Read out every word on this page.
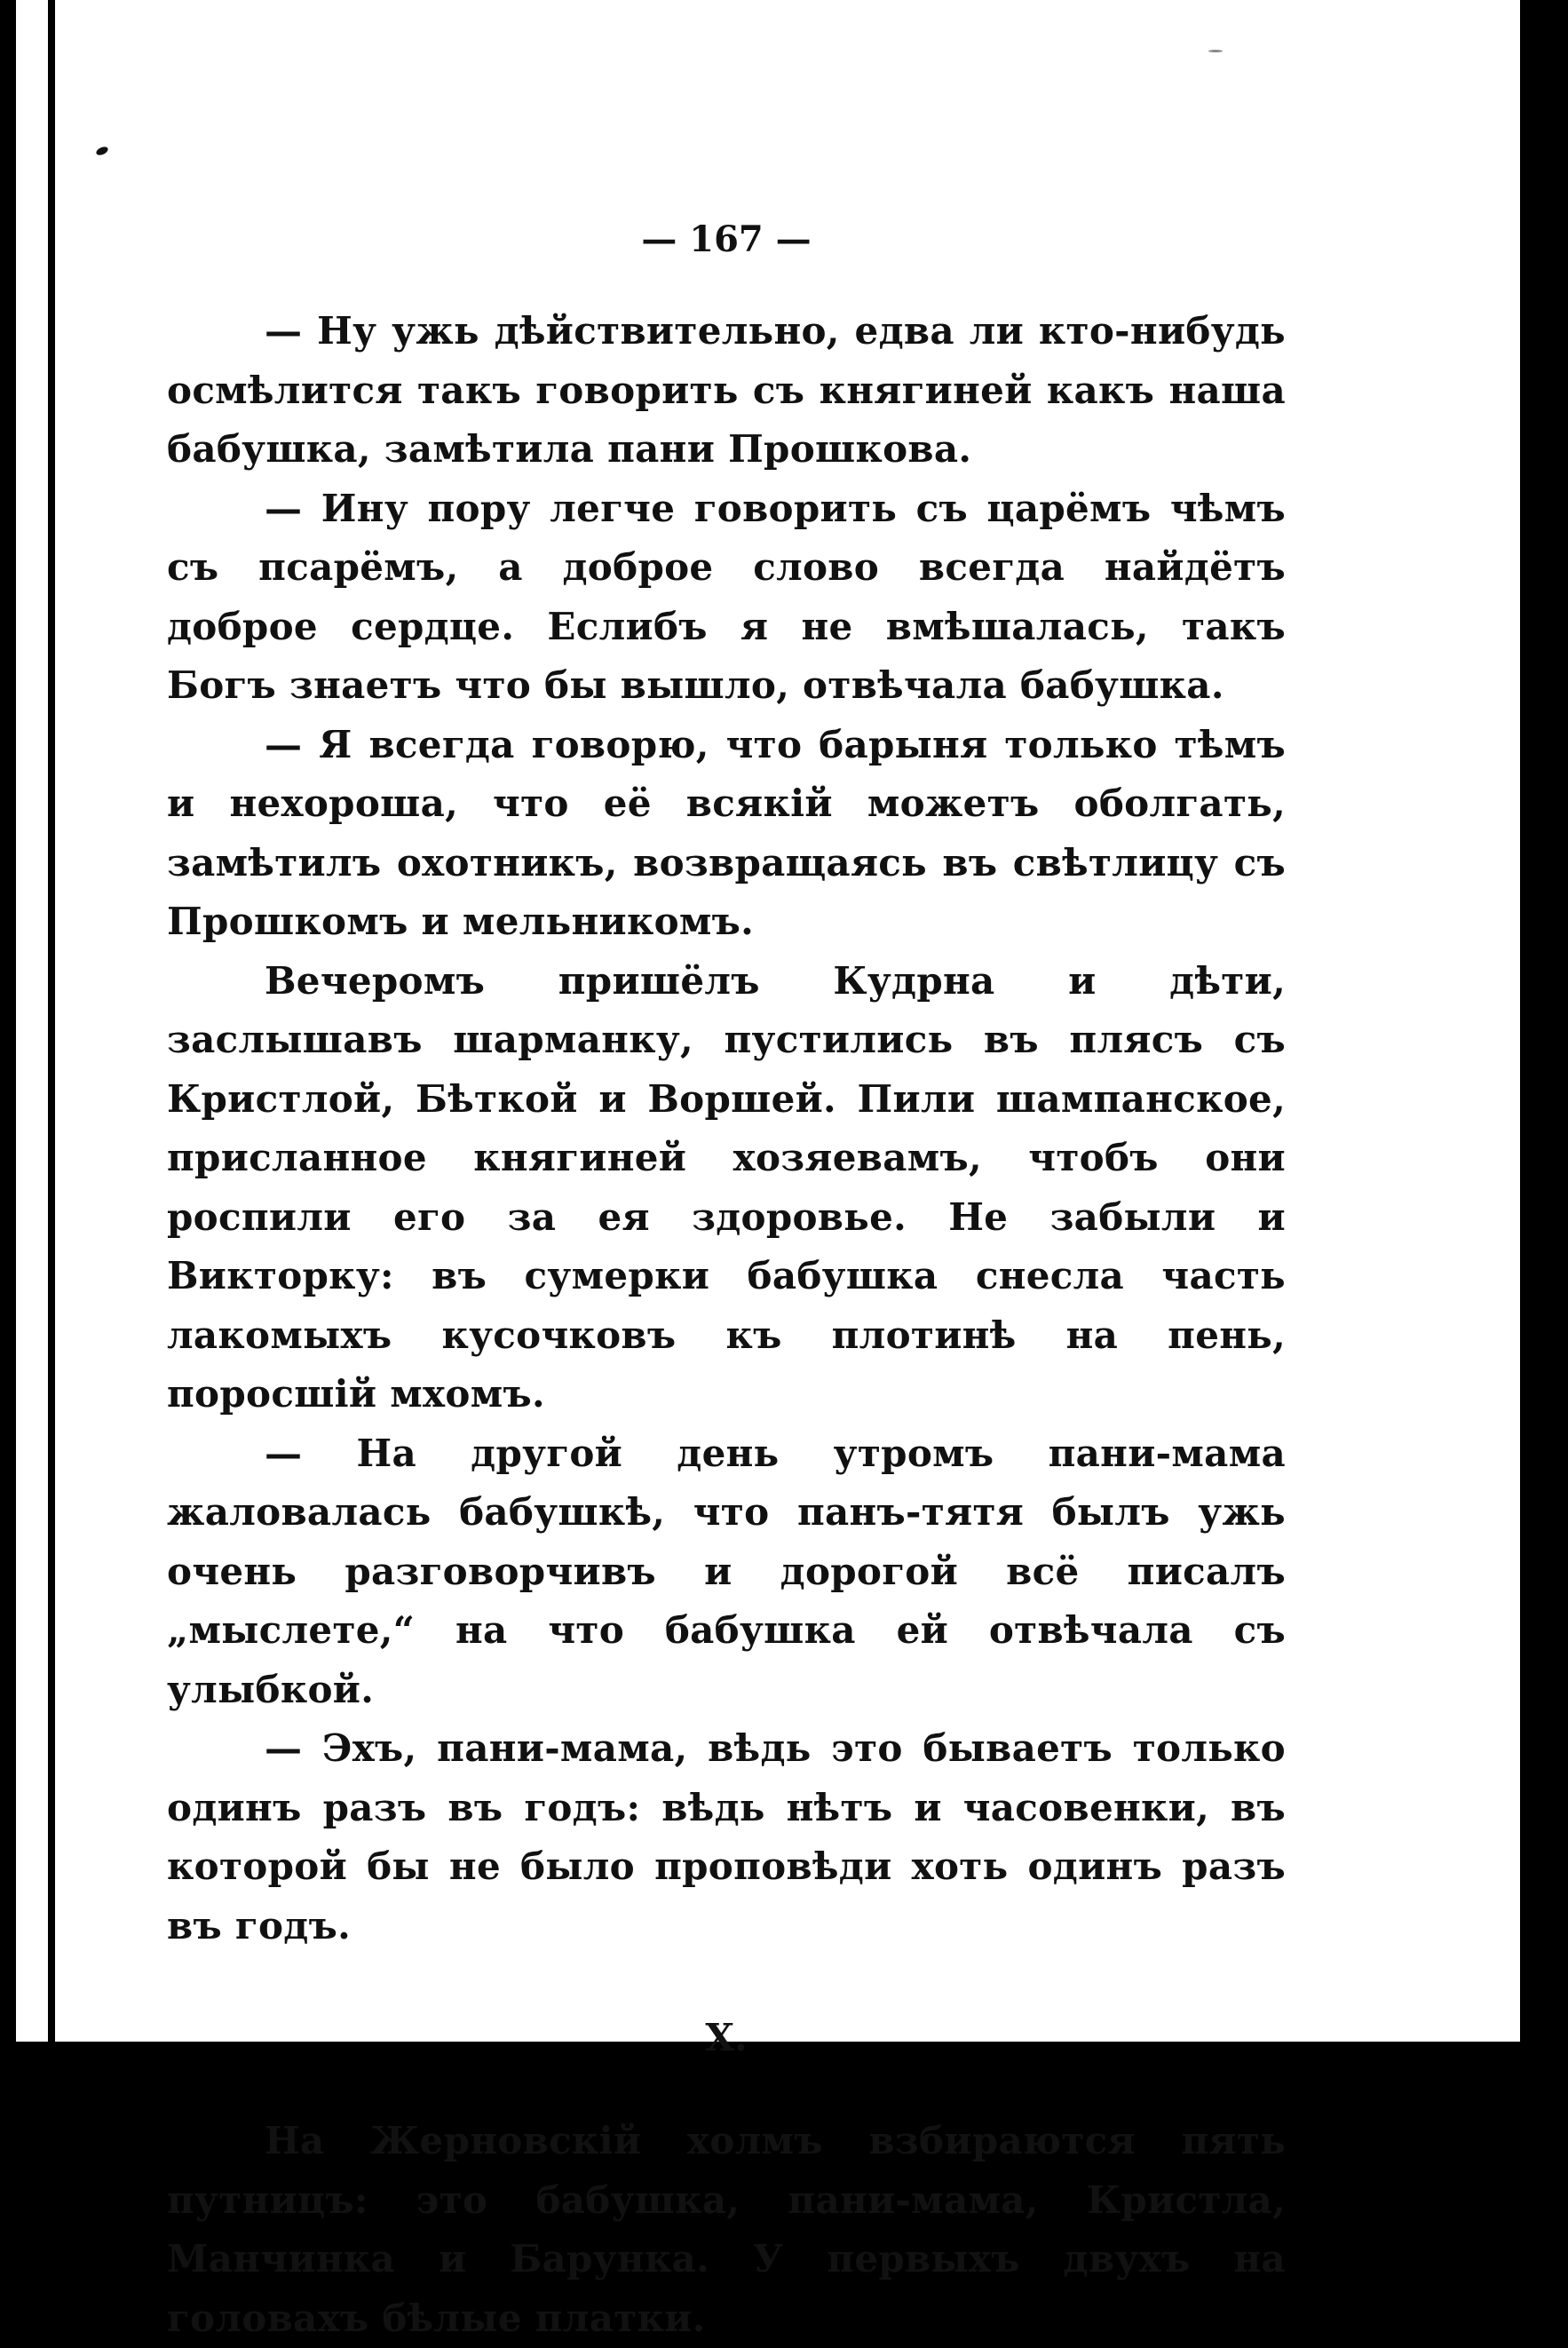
— 167 —

— Ну ужь дѣйствительно, едва ли кто-нибудь осмѣлится такъ говорить съ княгиней какъ наша бабушка, замѣтила пани Прошкова.

— Ину пору легче говорить съ царёмъ чѣмъ съ псарёмъ, а доброе слово всегда найдётъ доброе сердце. Еслибъ я не вмѣшалась, такъ Богъ знаетъ что бы вышло, отвѣчала бабушка.

— Я всегда говорю, что барыня только тѣмъ и нехороша, что её всякій можетъ оболгать, замѣтилъ охотникъ, возвращаясь въ свѣтлицу съ Прошкомъ и мельникомъ.

Вечеромъ пришёлъ Кудрна и дѣти, заслышавъ шарманку, пустились въ плясъ съ Кристлой, Бѣткой и Воршей. Пили шампанское, присланное княгиней хозяевамъ, чтобъ они роспили его за ея здоровье. Не забыли и Викторку: въ сумерки бабушка снесла часть лакомыхъ кусочковъ къ плотинѣ на пень, поросшій мхомъ.

— На другой день утромъ пани-мама жаловалась бабушкѣ, что панъ-тятя былъ ужь очень разговорчивъ и дорогой всё писалъ „мыслете,“ на что бабушка ей отвѣчала съ улыбкой.

— Эхъ, пани-мама, вѣдь это бываетъ только одинъ разъ въ годъ: вѣдь нѣтъ и часовенки, въ которой бы не было проповѣди хоть одинъ разъ въ годъ.

X.

На Жерновскій холмъ взбираются пять путницъ: это бабушка, пани-мама, Кристла, Манчинка и Барунка. У первыхъ двухъ на головахъ бѣлые платки.
